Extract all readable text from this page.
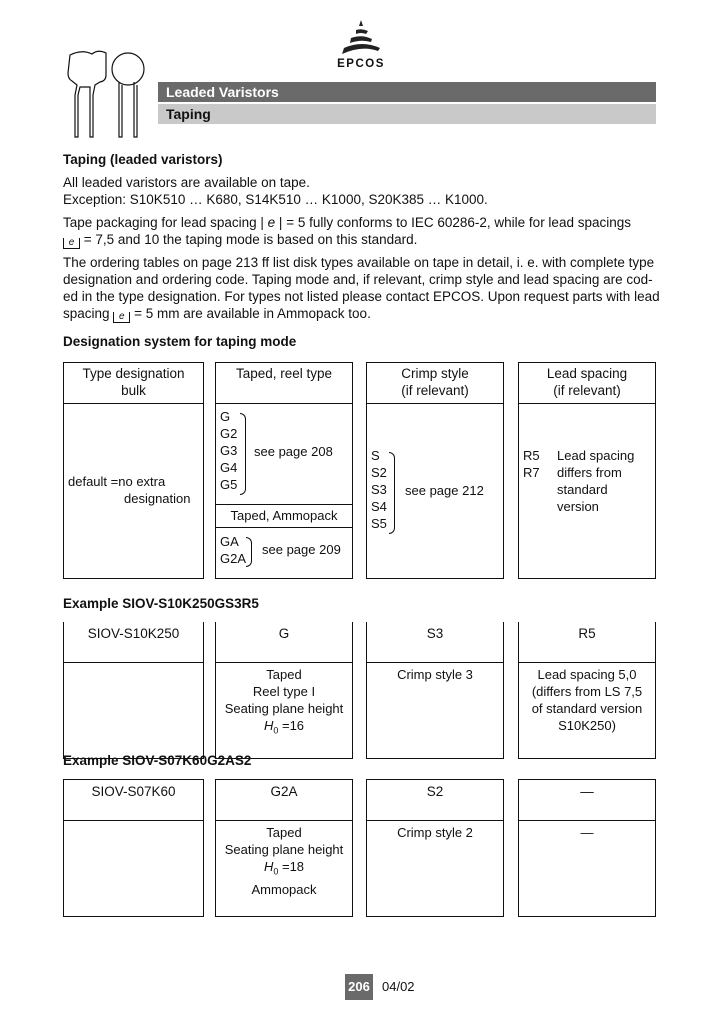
EPCOS
Leaded Varistors
Taping
Taping (leaded varistors)
All leaded varistors are available on tape.
Exception: S10K510 … K680, S14K510 … K1000, S20K385 … K1000.
Tape packaging for lead spacing | e | = 5 fully conforms to IEC 60286-2, while for lead spacings
e = 7,5 and 10 the taping mode is based on this standard.
The ordering tables on page 213 ff list disk types available on tape in detail, i. e. with complete type
designation and ordering code. Taping mode and, if relevant, crimp style and lead spacing are cod-
ed in the type designation. For types not listed please contact EPCOS. Upon request parts with lead
spacing e = 5 mm are available in Ammopack too.
Designation system for taping mode
Type designation
bulk
default =no extra
designation
Taped, reel type
G
G2
G3
G4
G5
see page 208
Taped, Ammopack
GA
G2A
see page 209
Crimp style
(if relevant)
S
S2
S3
S4
S5
see page 212
Lead spacing
(if relevant)
R5
R7
Lead spacing
differs from
standard
version
Example SIOV-S10K250GS3R5
SIOV-S10K250	G
Taped
Reel type I
Seating plane height
$H_0 =16$
S3
Crimp style 3
R5
Lead spacing 5,0
(differs from LS 7,5
of standard version
S10K250)
Example SIOV-S07K60G2AS2
SIOV-S07K60	G2A
Taped
Seating plane height
$H_0 =18$
Ammopack
S2
Crimp style 2
—
—
206 04/02
